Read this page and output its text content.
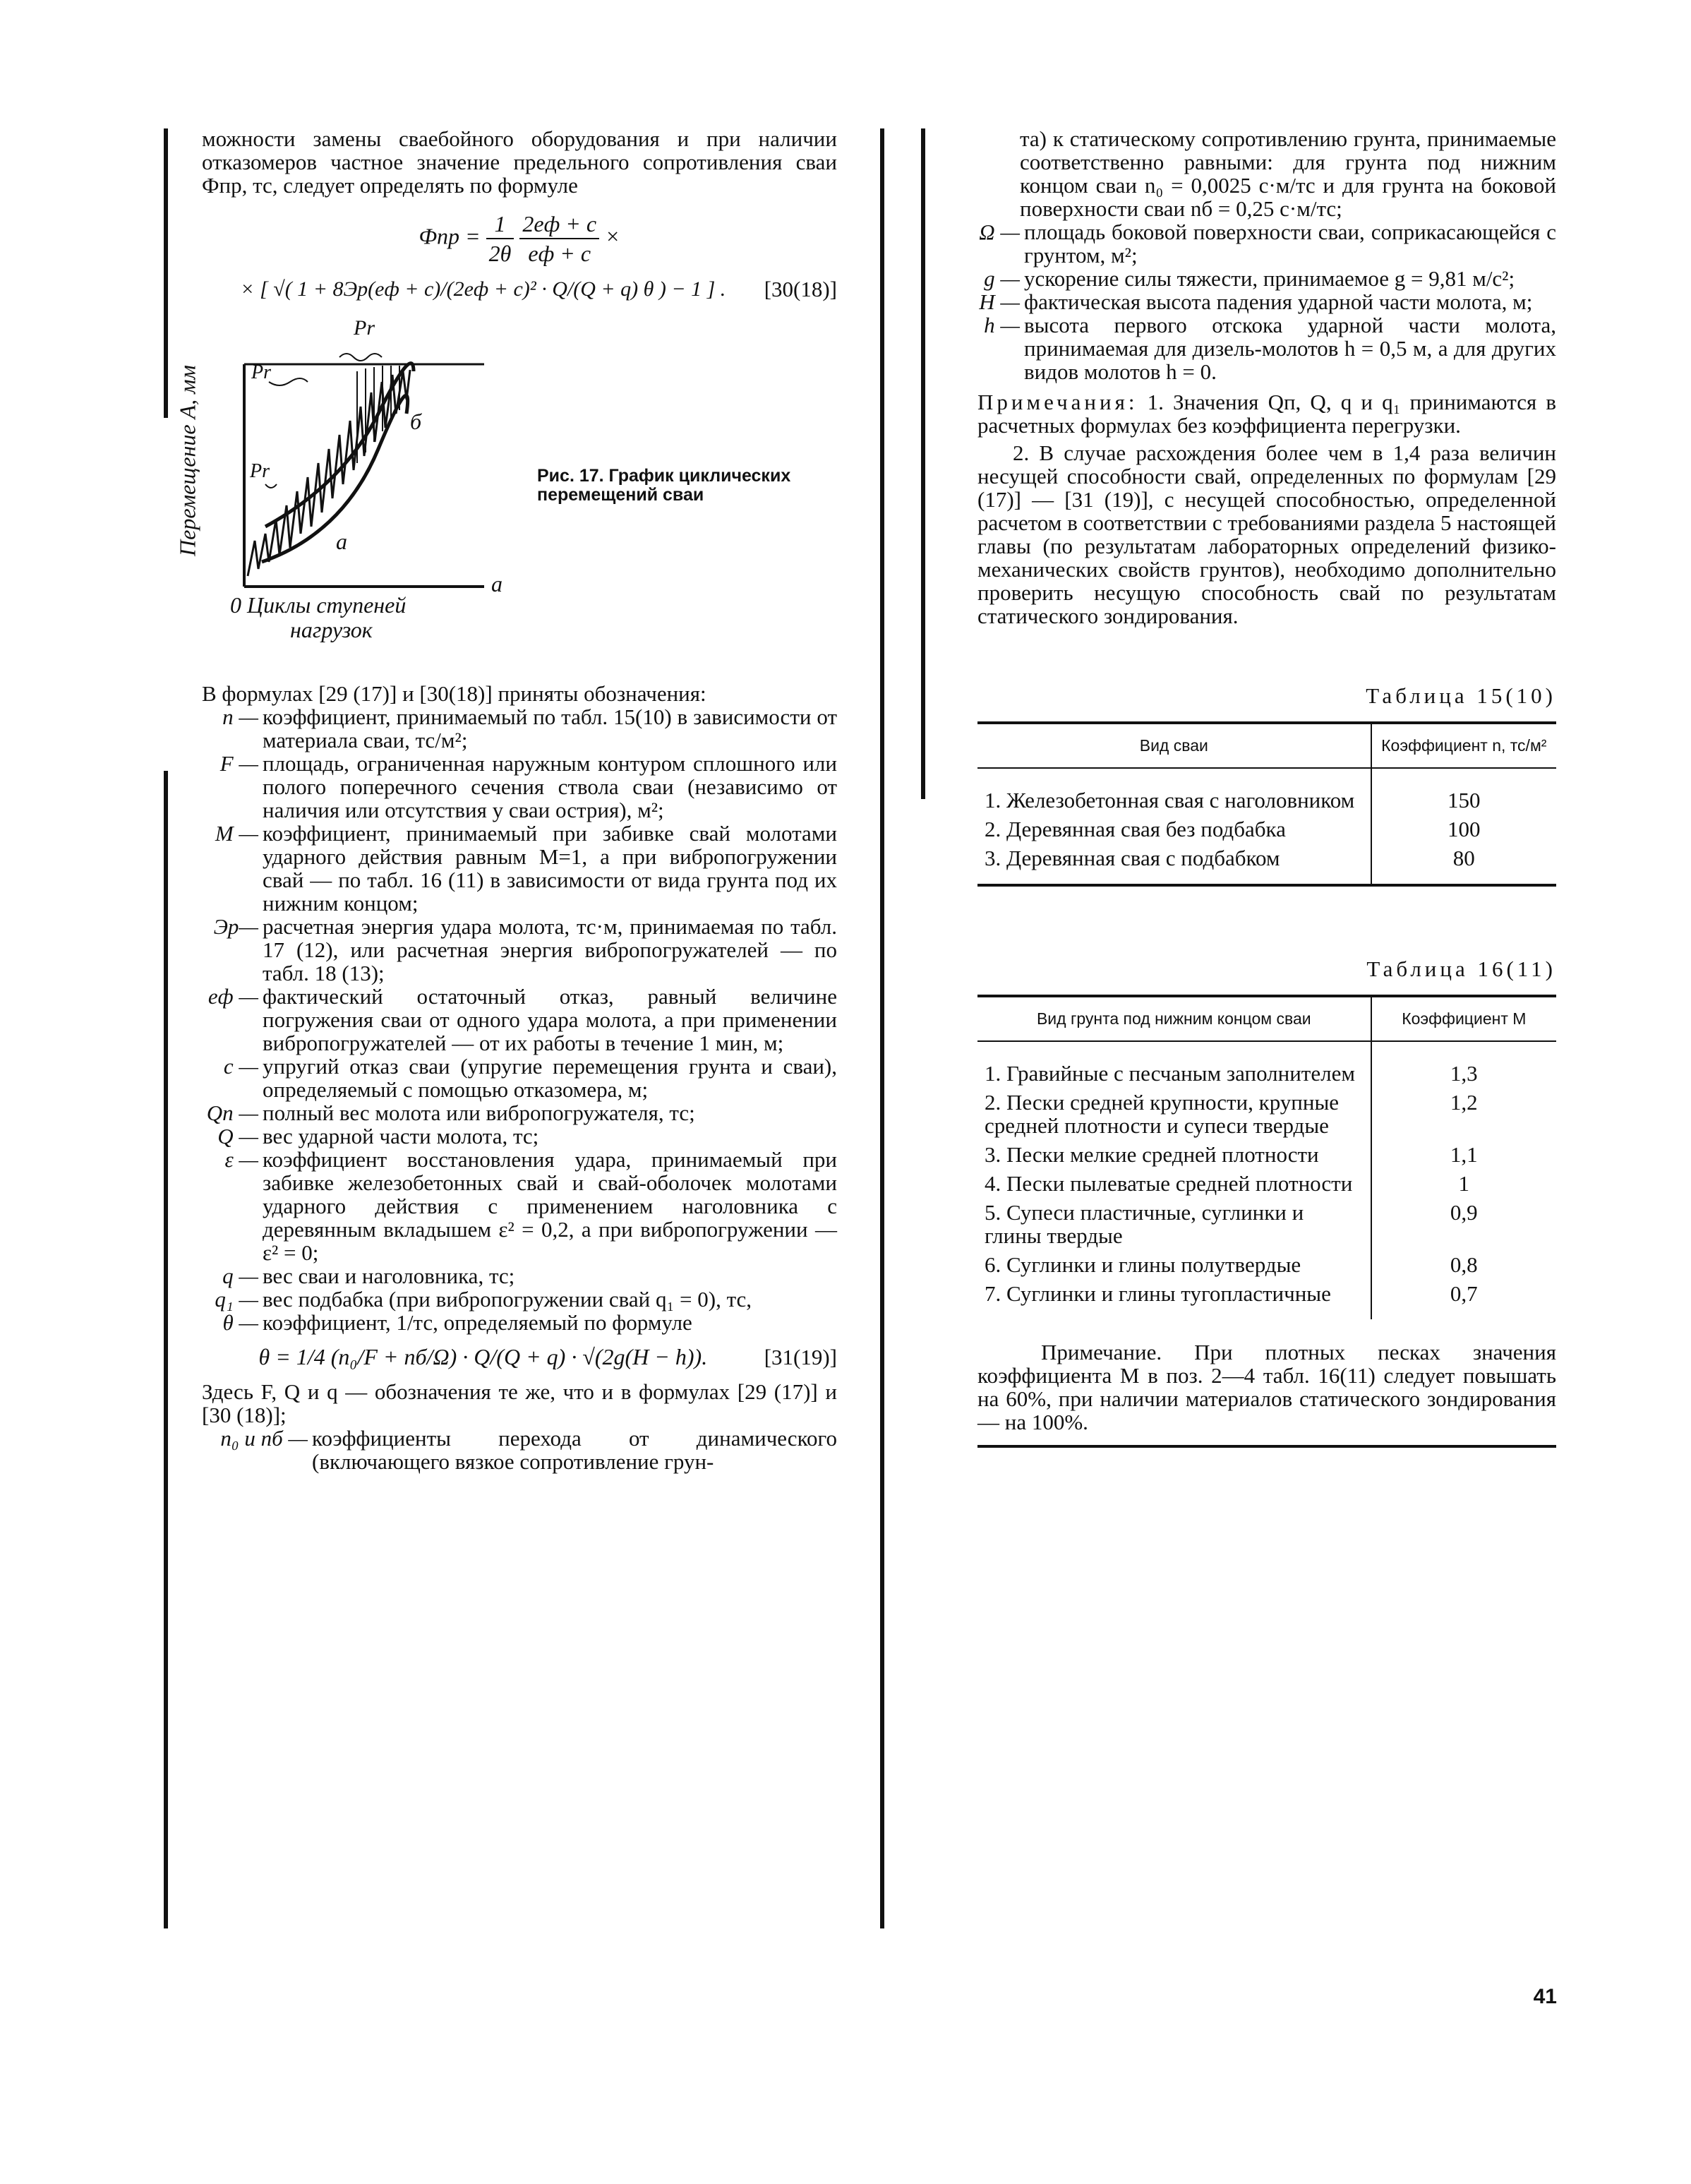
можности замены сваебойного оборудования и при наличии отказомеров частное значение предельного сопротивления сваи Фпр, тс, следует определять по формуле

Фпр = $\frac{1}{2\theta}$
$\frac{2eф + c}{eф + c}$ ×
× [ √( 1 + 8Эр(eф + c)/(2eф + c)² · Q/(Q + q) θ ) − 1 ] .	[30(18)]
Перемещение A, мм
Pr
Pr
Pr
б
a
a
0 Циклы ступеней
нагрузок
Рис. 17. График циклических перемещений сваи

В формулах [29 (17)] и [30(18)] приняты обозначения:

n — коэффициент, принимаемый по табл. 15(10) в зависимости от материала сваи, тс/м²;
F — площадь, ограниченная наружным контуром сплошного или полого поперечного сечения ствола сваи (независимо от наличия или отсутствия у сваи острия), м²;
M — коэффициент, принимаемый при забивке свай молотами ударного действия равным M=1, а при вибропогружении свай — по табл. 16 (11) в зависимости от вида грунта под их нижним концом;
Эр— расчетная энергия удара молота, тс·м, принимаемая по табл. 17 (12), или расчетная энергия вибропогружателей — по табл. 18 (13);
eф — фактический остаточный отказ, равный величине погружения сваи от одного удара молота, а при применении вибропогружателей — от их работы в течение 1 мин, м;
c — упругий отказ сваи (упругие перемещения грунта и сваи), определяемый с помощью отказомера, м;
Qп — полный вес молота или вибропогружателя, тс;
Q — вес ударной части молота, тс;
ε — коэффициент восстановления удара, принимаемый при забивке железобетонных свай и свай-оболочек молотами ударного действия с применением наголовника с деревянным вкладышем ε² = 0,2, а при вибропогружении — ε² = 0;
q — вес сваи и наголовника, тс;
q₁ — вес подбабка (при вибропогружении свай q₁ = 0), тс,
θ — коэффициент, 1/тс, определяемый по формуле
θ = 1/4 (n₀/F + nб/Ω) · Q/(Q + q) · √(2g(H − h)).	[31(19)]

Здесь F, Q и q — обозначения те же, что и в формулах [29 (17)] и [30 (18)];

n₀ и nб — коэффициенты перехода от динамического (включающего вязкое сопротивление грун-

та) к статическому сопротивлению грунта, принимаемые соответственно равными: для грунта под нижним концом сваи n₀ = 0,0025 с·м/тс и для грунта на боковой поверхности сваи nб = 0,25 с·м/тс;

Ω — площадь боковой поверхности сваи, соприкасающейся с грунтом, м²;
g — ускорение силы тяжести, принимаемое g = 9,81 м/с²;
H — фактическая высота падения ударной части молота, м;
h — высота первого отскока ударной части молота, принимаемая для дизель-молотов h = 0,5 м, а для других видов молотов h = 0.

Примечания: 1. Значения Qп, Q, q и q₁ принимаются в расчетных формулах без коэффициента перегрузки.

2. В случае расхождения более чем в 1,4 раза величин несущей способности свай, определенных по формулам [29 (17)] — [31 (19)], с несущей способностью, определенной расчетом в соответствии с требованиями раздела 5 настоящей главы (по результатам лабораторных определений физико-механических свойств грунтов), необходимо дополнительно проверить несущую способность свай по результатам статического зондирования.

Таблица 15(10)
Вид сваи	Коэффициент n, тс/м²
1. Железобетонная свая с наголовником	150
2. Деревянная свая без подбабка	100
3. Деревянная свая с подбабком	80
Таблица 16(11)
Вид грунта под нижним концом сваи	Коэффициент M
1. Гравийные с песчаным заполнителем	1,3
2. Пески средней крупности, крупные средней плотности и супеси твердые	1,2
3. Пески мелкие средней плотности	1,1
4. Пески пылеватые средней плотности	1
5. Супеси пластичные, суглинки и глины твердые	0,9
6. Суглинки и глины полутвердые	0,8
7. Суглинки и глины тугопластичные	0,7

Примечание. При плотных песках значения коэффициента M в поз. 2—4 табл. 16(11) следует повышать на 60%, при наличии материалов статического зондирования — на 100%.

41
